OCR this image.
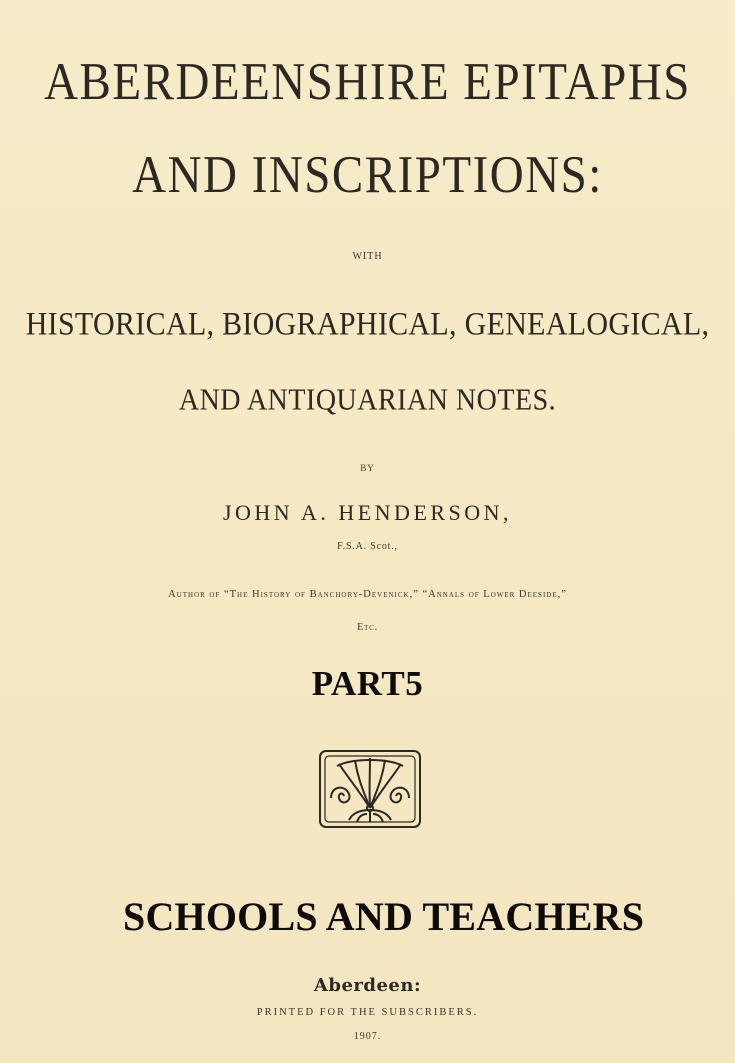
ABERDEENSHIRE EPITAPHS
AND INSCRIPTIONS:
WITH
HISTORICAL, BIOGRAPHICAL, GENEALOGICAL,
AND ANTIQUARIAN NOTES.
BY
JOHN A. HENDERSON,
F.S.A. Scot.,
Author of “The History of Banchory-Devenick,” “Annals of Lower Deeside,”
Etc.
PART5
SCHOOLS AND TEACHERS
Aberdeen:
PRINTED FOR THE SUBSCRIBERS.
1907.
